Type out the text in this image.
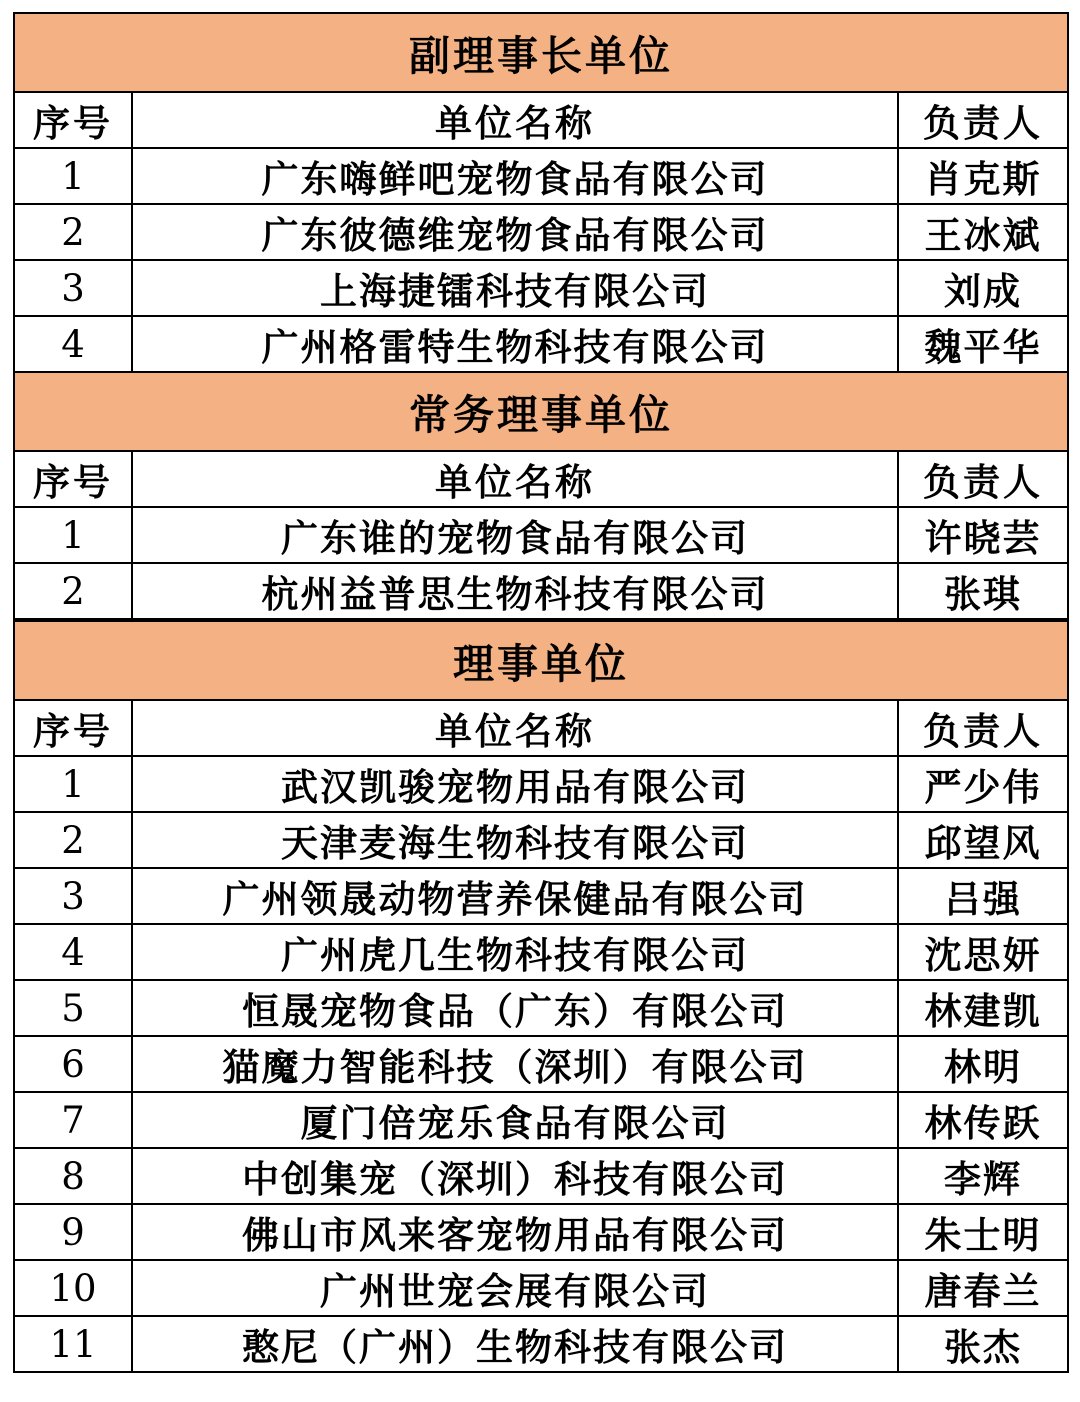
副理事长单位		
序号	单位名称	负责人
1	广东嗨鲜吧宠物食品有限公司	肖克斯
2	广东彼德维宠物食品有限公司	王冰斌
3	上海捷镭科技有限公司	刘成
4	广州格雷特生物科技有限公司	魏平华
常务理事单位		
序号	单位名称	负责人
1	广东谁的宠物食品有限公司	许晓芸
2	杭州益普思生物科技有限公司	张琪

理事单位		
序号	单位名称	负责人
1	武汉凯骏宠物用品有限公司	严少伟
2	天津麦海生物科技有限公司	邱望风
3	广州领晟动物营养保健品有限公司	吕强
4	广州虎几生物科技有限公司	沈思妍
5	恒晟宠物食品（广东）有限公司	林建凯
6	猫魔力智能科技（深圳）有限公司	林明
7	厦门倍宠乐食品有限公司	林传跃
8	中创集宠（深圳）科技有限公司	李辉
9	佛山市风来客宠物用品有限公司	朱士明
10	广州世宠会展有限公司	唐春兰
11	憨尼（广州）生物科技有限公司	张杰
